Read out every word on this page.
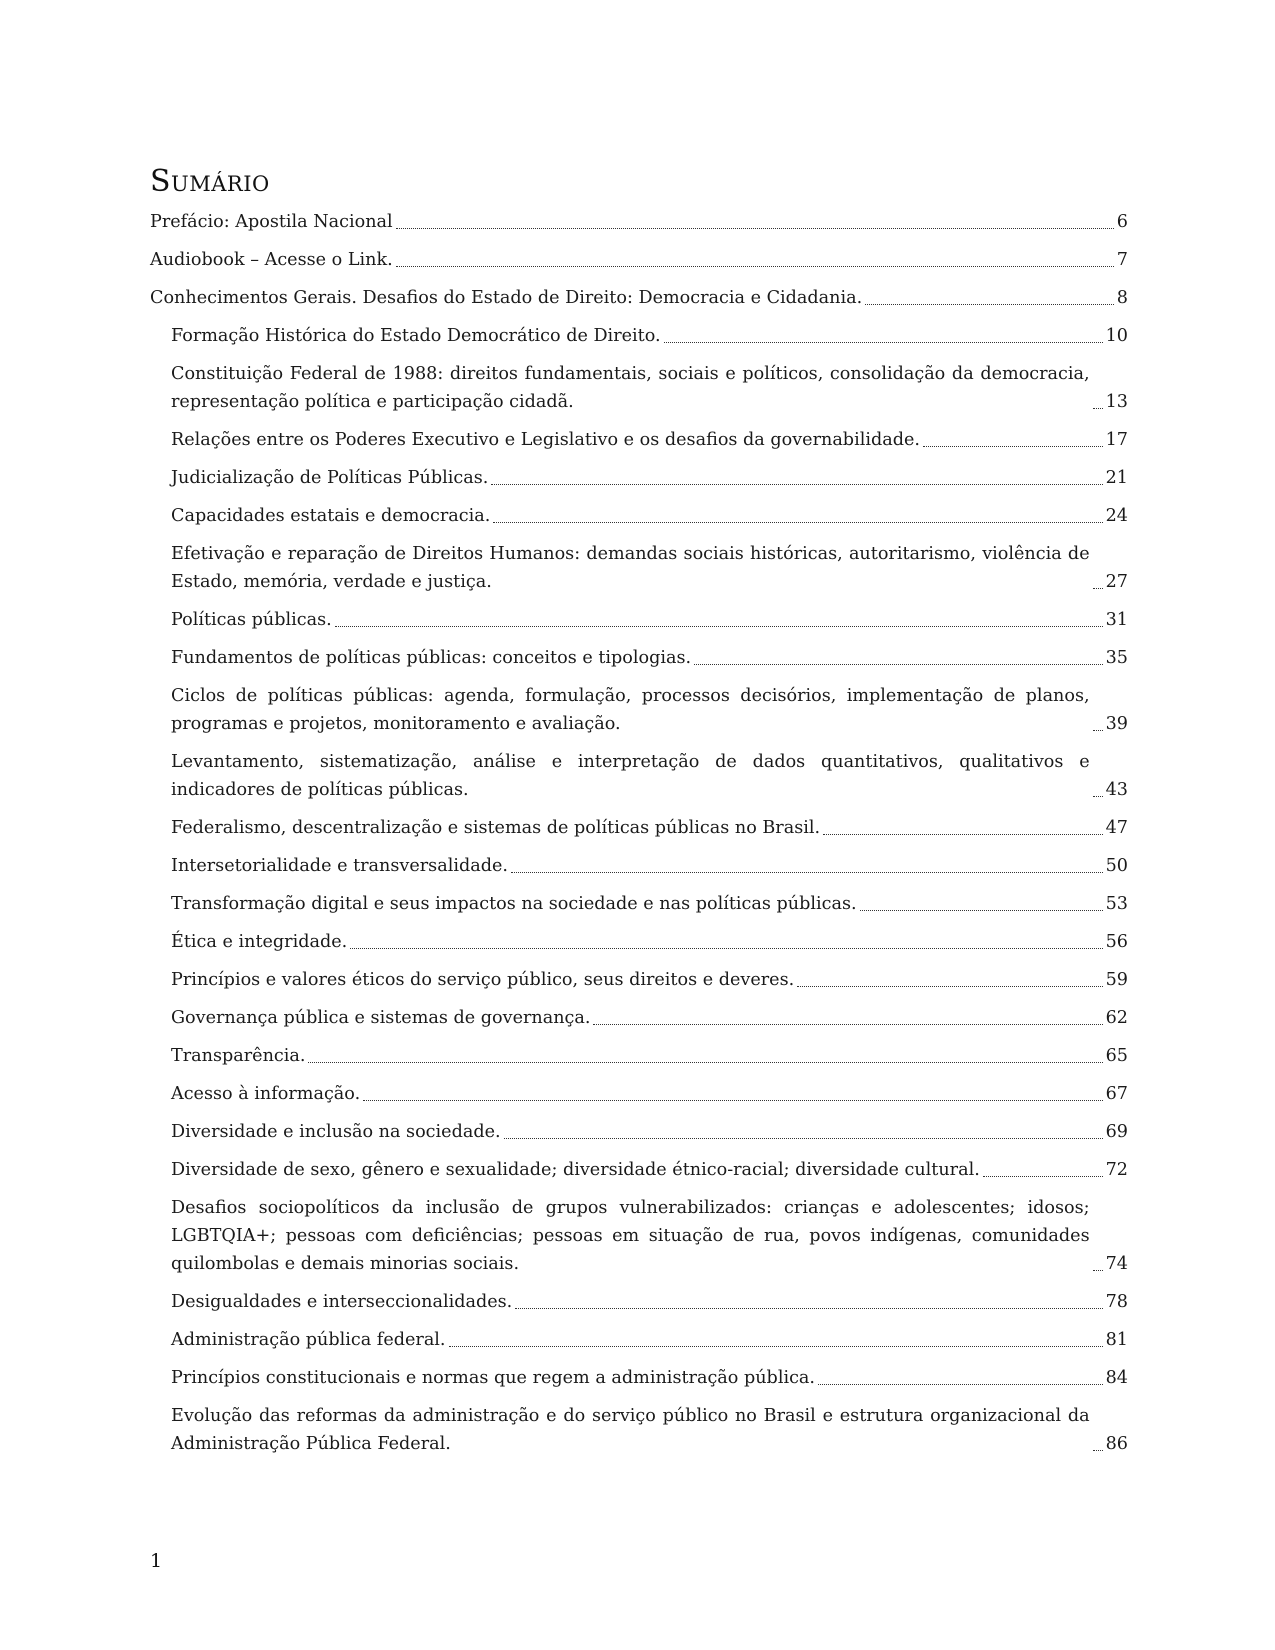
Sumário
Prefácio: Apostila Nacional	6
Audiobook – Acesse o Link.	7
Conhecimentos Gerais. Desafios do Estado de Direito: Democracia e Cidadania.	8
Formação Histórica do Estado Democrático de Direito.	10
Constituição Federal de 1988: direitos fundamentais, sociais e políticos, consolidação da democracia, representação política e participação cidadã.	13
Relações entre os Poderes Executivo e Legislativo e os desafios da governabilidade.	17
Judicialização de Políticas Públicas.	21
Capacidades estatais e democracia.	24
Efetivação e reparação de Direitos Humanos: demandas sociais históricas, autoritarismo, violência de Estado, memória, verdade e justiça.	27
Políticas públicas.	31
Fundamentos de políticas públicas: conceitos e tipologias.	35
Ciclos de políticas públicas: agenda, formulação, processos decisórios, implementação de planos, programas e projetos, monitoramento e avaliação.	39
Levantamento, sistematização, análise e interpretação de dados quantitativos, qualitativos e indicadores de políticas públicas.	43
Federalismo, descentralização e sistemas de políticas públicas no Brasil.	47
Intersetorialidade e transversalidade.	50
Transformação digital e seus impactos na sociedade e nas políticas públicas.	53
Ética e integridade.	56
Princípios e valores éticos do serviço público, seus direitos e deveres.	59
Governança pública e sistemas de governança.	62
Transparência.	65
Acesso à informação.	67
Diversidade e inclusão na sociedade.	69
Diversidade de sexo, gênero e sexualidade; diversidade étnico-racial; diversidade cultural.	72
Desafios sociopolíticos da inclusão de grupos vulnerabilizados: crianças e adolescentes; idosos; LGBTQIA+; pessoas com deficiências; pessoas em situação de rua, povos indígenas, comunidades quilombolas e demais minorias sociais.	74
Desigualdades e interseccionalidades.	78
Administração pública federal.	81
Princípios constitucionais e normas que regem a administração pública.	84
Evolução das reformas da administração e do serviço público no Brasil e estrutura organizacional da Administração Pública Federal.	86
1
